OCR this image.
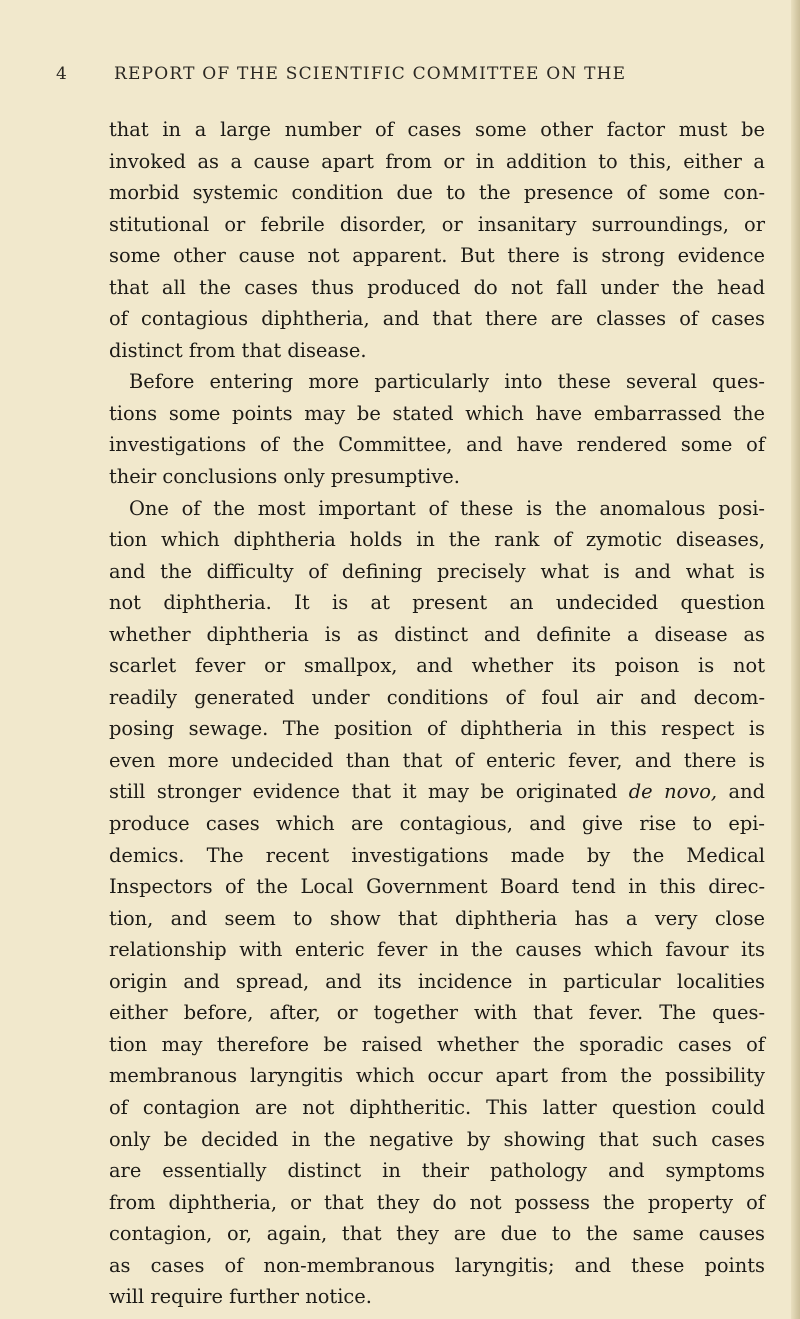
4	REPORT OF THE SCIENTIFIC COMMITTEE ON THE
that in a large number of cases some other factor must be
invoked as a cause apart from or in addition to this, either a
morbid systemic condition due to the presence of some con-
stitutional or febrile disorder, or insanitary surroundings, or
some other cause not apparent. But there is strong evidence
that all the cases thus produced do not fall under the head
of contagious diphtheria, and that there are classes of cases
distinct from that disease.
Before entering more particularly into these several ques-
tions some points may be stated which have embarrassed the
investigations of the Committee, and have rendered some of
their conclusions only presumptive.
One of the most important of these is the anomalous posi-
tion which diphtheria holds in the rank of zymotic diseases,
and the difficulty of defining precisely what is and what is
not diphtheria. It is at present an undecided question
whether diphtheria is as distinct and definite a disease as
scarlet fever or smallpox, and whether its poison is not
readily generated under conditions of foul air and decom-
posing sewage. The position of diphtheria in this respect is
even more undecided than that of enteric fever, and there is
still stronger evidence that it may be originated de novo, and
produce cases which are contagious, and give rise to epi-
demics. The recent investigations made by the Medical
Inspectors of the Local Government Board tend in this direc-
tion, and seem to show that diphtheria has a very close
relationship with enteric fever in the causes which favour its
origin and spread, and its incidence in particular localities
either before, after, or together with that fever. The ques-
tion may therefore be raised whether the sporadic cases of
membranous laryngitis which occur apart from the possibility
of contagion are not diphtheritic. This latter question could
only be decided in the negative by showing that such cases
are essentially distinct in their pathology and symptoms
from diphtheria, or that they do not possess the property of
contagion, or, again, that they are due to the same causes
as cases of non-membranous laryngitis; and these points
will require further notice.
